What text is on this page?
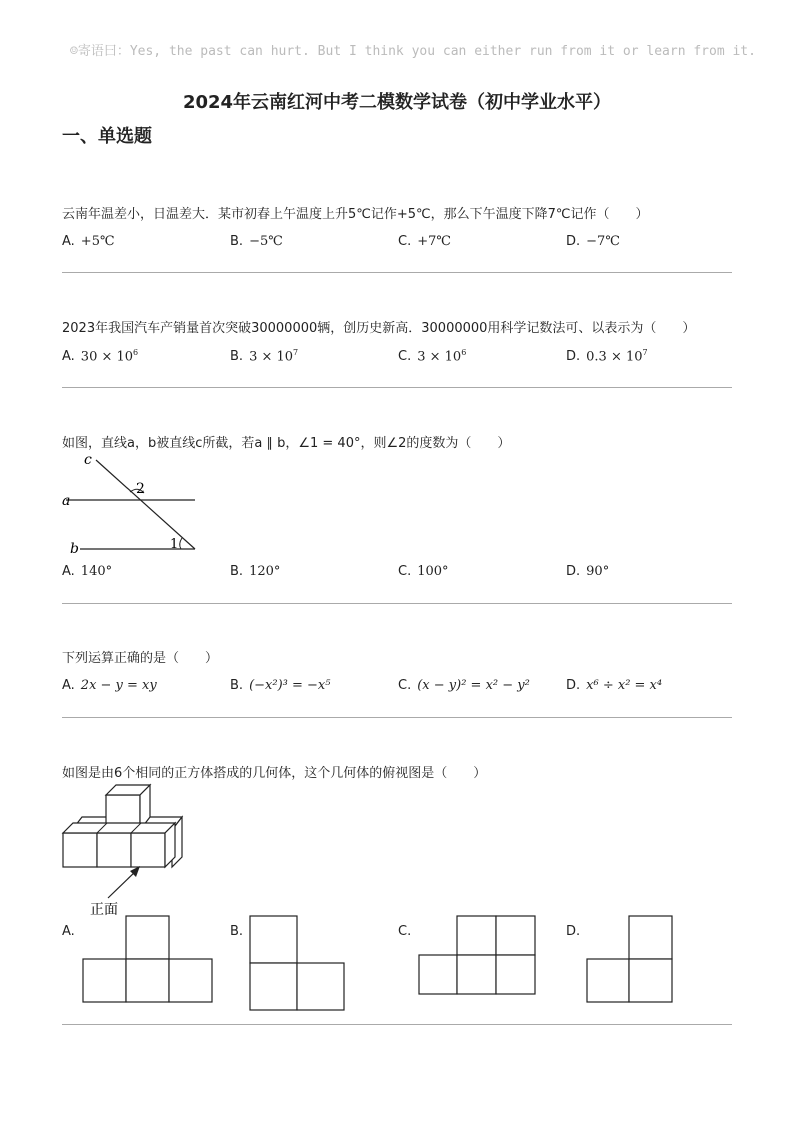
☺寄语曰：Yes, the past can hurt. But I think you can either run from it or learn from it.
2024年云南红河中考二模数学试卷（初中学业水平）
一、单选题
云南年温差小，日温差大．某市初春上午温度上升5℃记作+5℃，那么下午温度下降7℃记作（　　）
A. +5℃	B. −5℃	C. +7℃	D. −7℃
2023年我国汽车产销量首次突破30000000辆，创历史新高．30000000用科学记数法可、以表示为（　　）
A. $30 \times 10^6$	B. $3 \times 10^7$	C. $3 \times 10^6$	D. $0.3 \times 10^7$
如图，直线a，b被直线c所截，若a ∥ b，∠1 = 40°，则∠2的度数为（　　）
c
a
b
2
1
A. 140°	B. 120°	C. 100°	D. 90°
下列运算正确的是（　　）
A. 2x − y = xy	B. (−x²)³ = −x⁵	C. (x − y)² = x² − y²	D. x⁶ ÷ x² = x⁴
如图是由6个相同的正方体搭成的几何体，这个几何体的俯视图是（　　）
正面
A.	B.	C.	D.
